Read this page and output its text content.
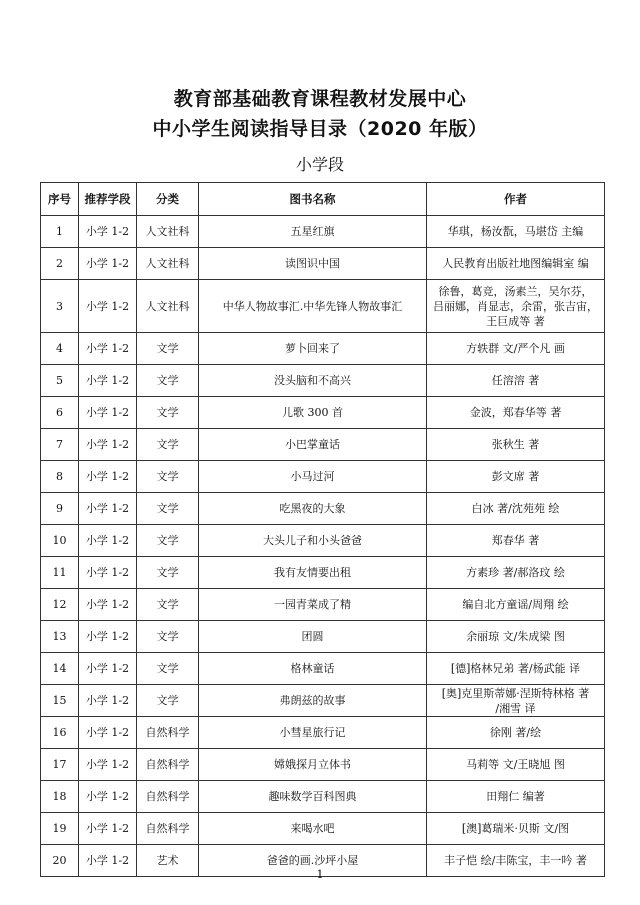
教育部基础教育课程教材发展中心
中小学生阅读指导目录（2020 年版）
小学段
序号	推荐学段	分类	图书名称	作者
1	小学 1-2	人文社科	五星红旗	华琪，杨汝翫，马堪岱 主编
2	小学 1-2	人文社科	读图识中国	人民教育出版社地图编辑室 编
3	小学 1-2	人文社科	中华人物故事汇.中华先锋人物故事汇	徐鲁，葛竞，汤素兰，吴尔芬，
吕丽娜，肖显志，余雷，张吉宙，
王巨成等 著
4	小学 1-2	文学	萝卜回来了	方轶群 文/严个凡 画
5	小学 1-2	文学	没头脑和不高兴	任溶溶 著
6	小学 1-2	文学	儿歌 300 首	金波，郑春华等 著
7	小学 1-2	文学	小巴掌童话	张秋生 著
8	小学 1-2	文学	小马过河	彭文席 著
9	小学 1-2	文学	吃黑夜的大象	白冰 著/沈苑苑 绘
10	小学 1-2	文学	大头儿子和小头爸爸	郑春华 著
11	小学 1-2	文学	我有友情要出租	方素珍 著/郝洛玟 绘
12	小学 1-2	文学	一园青菜成了精	编自北方童谣/周翔 绘
13	小学 1-2	文学	团圆	余丽琼 文/朱成梁 图
14	小学 1-2	文学	格林童话	[德]格林兄弟 著/杨武能 译
15	小学 1-2	文学	弗朗兹的故事	[奥]克里斯蒂娜·涅斯特林格 著
/湘雪 译
16	小学 1-2	自然科学	小彗星旅行记	徐刚 著/绘
17	小学 1-2	自然科学	嫦娥探月立体书	马莉等 文/王晓旭 图
18	小学 1-2	自然科学	趣味数学百科图典	田翔仁 编著
19	小学 1-2	自然科学	来喝水吧	[澳]葛瑞米·贝斯 文/图
20	小学 1-2	艺术	爸爸的画.沙坪小屋	丰子恺 绘/丰陈宝，丰一吟 著
1
